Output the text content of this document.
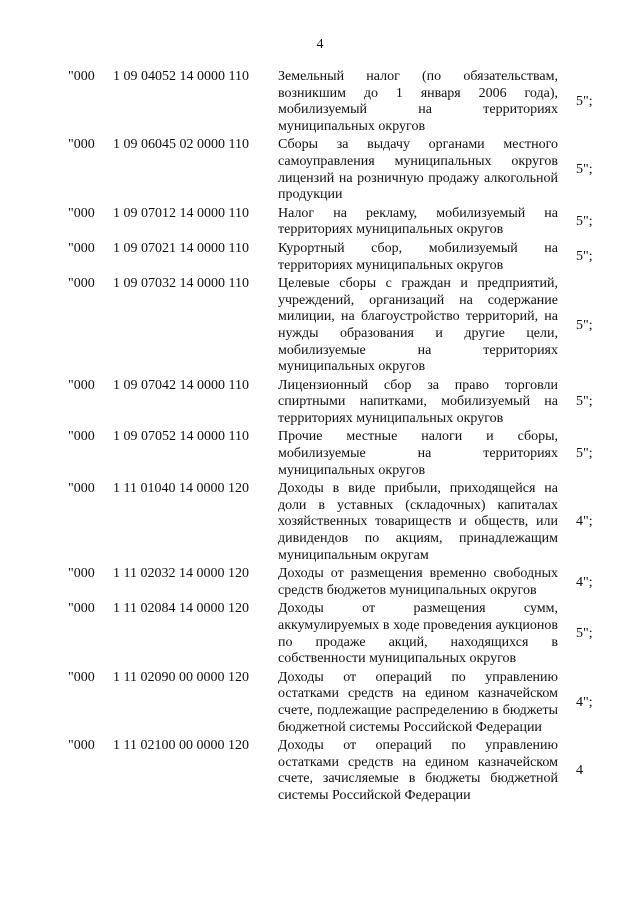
4
"000 1 09 04052 14 0000 110 Земельный налог (по обязательствам, возникшим до 1 января 2006 года), мобилизуемый на территориях муниципальных округов
5";
"000 1 09 06045 02 0000 110 Сборы за выдачу органами местного самоуправления муниципальных округов лицензий на розничную продажу алкогольной продукции
5";
"000 1 09 07012 14 0000 110 Налог на рекламу, мобилизуемый на территориях муниципальных округов
5";
"000 1 09 07021 14 0000 110 Курортный сбор, мобилизуемый на территориях муниципальных округов
5";
"000 1 09 07032 14 0000 110 Целевые сборы с граждан и предприятий, учреждений, организаций на содержание милиции, на благоустройство территорий, на нужды образования и другие цели, мобилизуемые на территориях муниципальных округов
5";
"000 1 09 07042 14 0000 110 Лицензионный сбор за право торговли спиртными напитками, мобилизуемый на территориях муниципальных округов
5";
"000 1 09 07052 14 0000 110 Прочие местные налоги и сборы, мобилизуемые на территориях муниципальных округов
5";
"000 1 11 01040 14 0000 120 Доходы в виде прибыли, приходящейся на доли в уставных (складочных) капиталах хозяйственных товариществ и обществ, или дивидендов по акциям, принадлежащим муниципальным округам
4";
"000 1 11 02032 14 0000 120 Доходы от размещения временно свободных средств бюджетов муниципальных округов
4";
"000 1 11 02084 14 0000 120 Доходы от размещения сумм, аккумулируемых в ходе проведения аукционов по продаже акций, находящихся в собственности муниципальных округов
5";
"000 1 11 02090 00 0000 120 Доходы от операций по управлению остатками средств на едином казначейском счете, подлежащие распределению в бюджеты бюджетной системы Российской Федерации
4";
"000 1 11 02100 00 0000 120 Доходы от операций по управлению остатками средств на едином казначейском счете, зачисляемые в бюджеты бюджетной системы Российской Федерации
4
